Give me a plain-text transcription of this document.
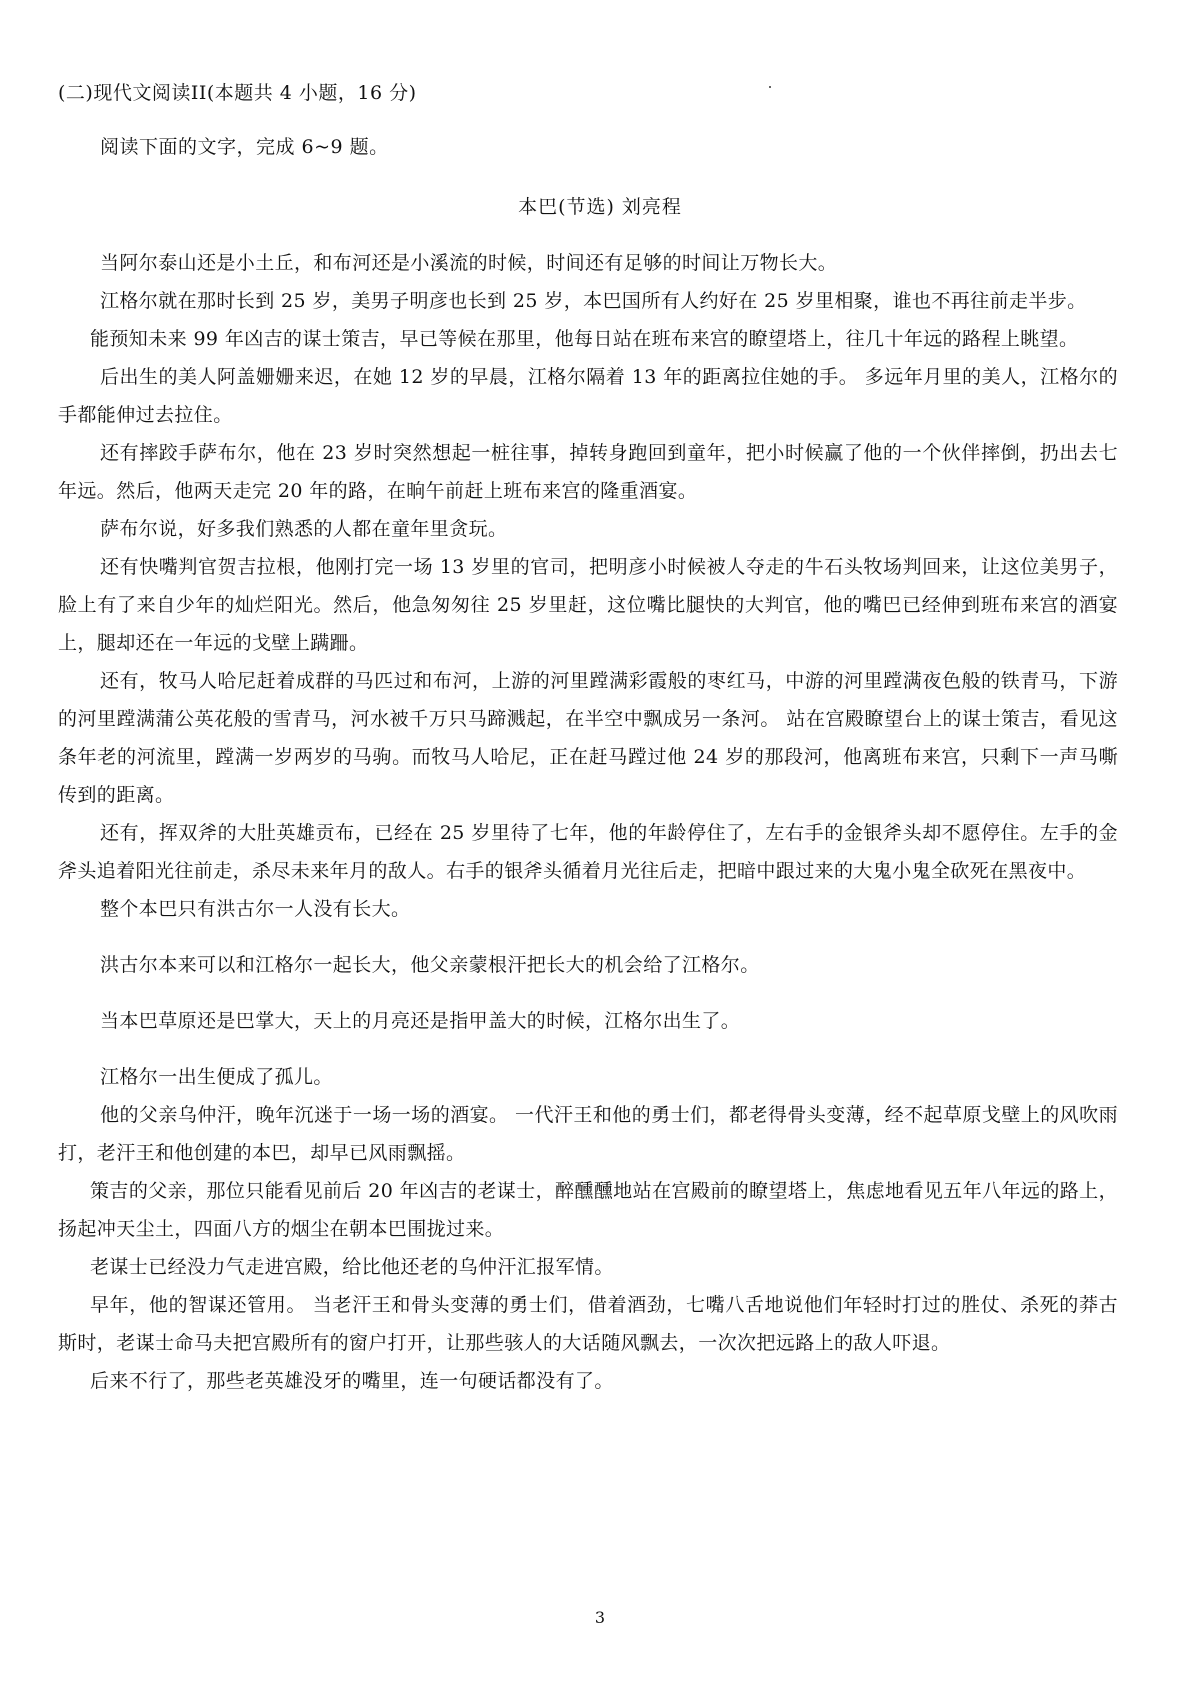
(二)现代文阅读II(本题共 4 小题，16 分)
阅读下面的文字，完成 6~9 题。
本巴(节选) 刘亮程

当阿尔泰山还是小土丘，和布河还是小溪流的时候，时间还有足够的时间让万物长大。

江格尔就在那时长到 25 岁，美男子明彦也长到 25 岁，本巴国所有人约好在 25 岁里相聚，谁也不再往前走半步。

能预知未来 99 年凶吉的谋士策吉，早已等候在那里，他每日站在班布来宫的瞭望塔上，往几十年远的路程上眺望。

后出生的美人阿盖姗姗来迟，在她 12 岁的早晨，江格尔隔着 13 年的距离拉住她的手。 多远年月里的美人，江格尔的手都能伸过去拉住。

还有摔跤手萨布尔，他在 23 岁时突然想起一桩往事，掉转身跑回到童年，把小时候赢了他的一个伙伴摔倒，扔出去七年远。然后，他两天走完 20 年的路，在晌午前赶上班布来宫的隆重酒宴。

萨布尔说，好多我们熟悉的人都在童年里贪玩。

还有快嘴判官贺吉拉根，他刚打完一场 13 岁里的官司，把明彦小时候被人夺走的牛石头牧场判回来，让这位美男子，脸上有了来自少年的灿烂阳光。然后，他急匆匆往 25 岁里赶，这位嘴比腿快的大判官，他的嘴巴已经伸到班布来宫的酒宴上，腿却还在一年远的戈壁上蹒跚。

还有，牧马人哈尼赶着成群的马匹过和布河，上游的河里蹚满彩霞般的枣红马，中游的河里蹚满夜色般的铁青马，下游的河里蹚满蒲公英花般的雪青马，河水被千万只马蹄溅起，在半空中飘成另一条河。 站在宫殿瞭望台上的谋士策吉，看见这条年老的河流里，蹚满一岁两岁的马驹。而牧马人哈尼，正在赶马蹚过他 24 岁的那段河，他离班布来宫，只剩下一声马嘶传到的距离。

还有，挥双斧的大肚英雄贡布，已经在 25 岁里待了七年，他的年龄停住了，左右手的金银斧头却不愿停住。左手的金斧头追着阳光往前走，杀尽未来年月的敌人。右手的银斧头循着月光往后走，把暗中跟过来的大鬼小鬼全砍死在黑夜中。

整个本巴只有洪古尔一人没有长大。

洪古尔本来可以和江格尔一起长大，他父亲蒙根汗把长大的机会给了江格尔。

当本巴草原还是巴掌大，天上的月亮还是指甲盖大的时候，江格尔出生了。

江格尔一出生便成了孤儿。

他的父亲乌仲汗，晚年沉迷于一场一场的酒宴。 一代汗王和他的勇士们，都老得骨头变薄，经不起草原戈壁上的风吹雨打，老汗王和他创建的本巴，却早已风雨飘摇。

策吉的父亲，那位只能看见前后 20 年凶吉的老谋士，醉醺醺地站在宫殿前的瞭望塔上，焦虑地看见五年八年远的路上，扬起冲天尘土，四面八方的烟尘在朝本巴围拢过来。

老谋士已经没力气走进宫殿，给比他还老的乌仲汗汇报军情。

早年，他的智谋还管用。 当老汗王和骨头变薄的勇士们，借着酒劲，七嘴八舌地说他们年轻时打过的胜仗、杀死的莽古斯时，老谋士命马夫把宫殿所有的窗户打开，让那些骇人的大话随风飘去，一次次把远路上的敌人吓退。

后来不行了，那些老英雄没牙的嘴里，连一句硬话都没有了。

3
